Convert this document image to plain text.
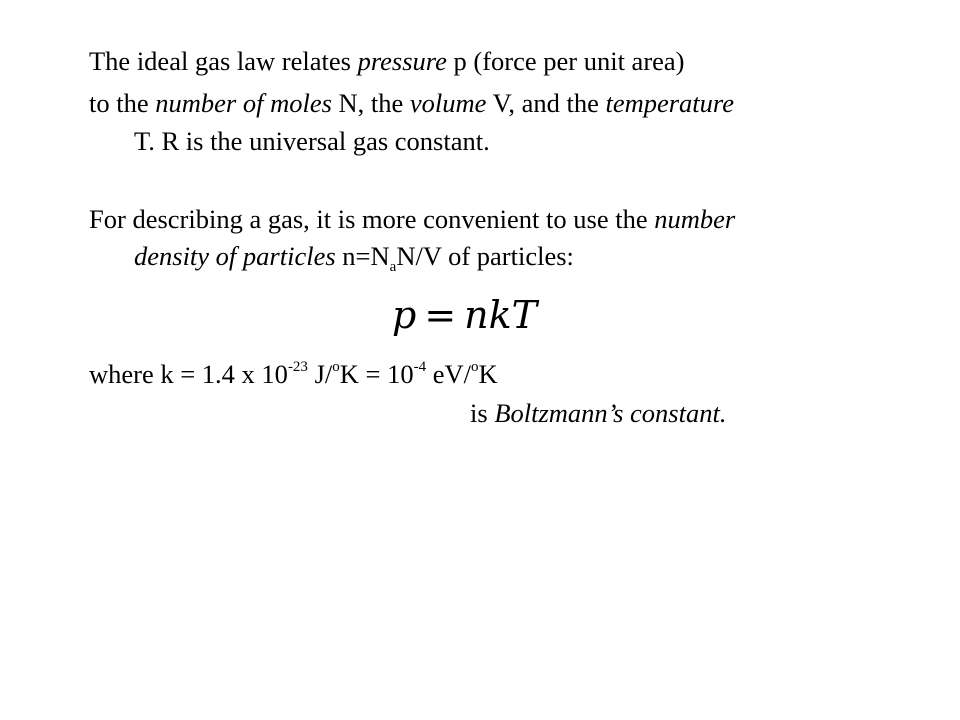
The ideal gas law relates pressure p (force per unit area)
to the number of moles N, the volume V, and the temperature
T. R is the universal gas constant.
For describing a gas, it is more convenient to use the number
density of particles $n=N_aN/V$ of particles:
p = nkT
where k = 1.4 x $10^{-23}$ $J/^oK = 10^{-4}$ eV/$^o$K
is Boltzmann’s constant.
